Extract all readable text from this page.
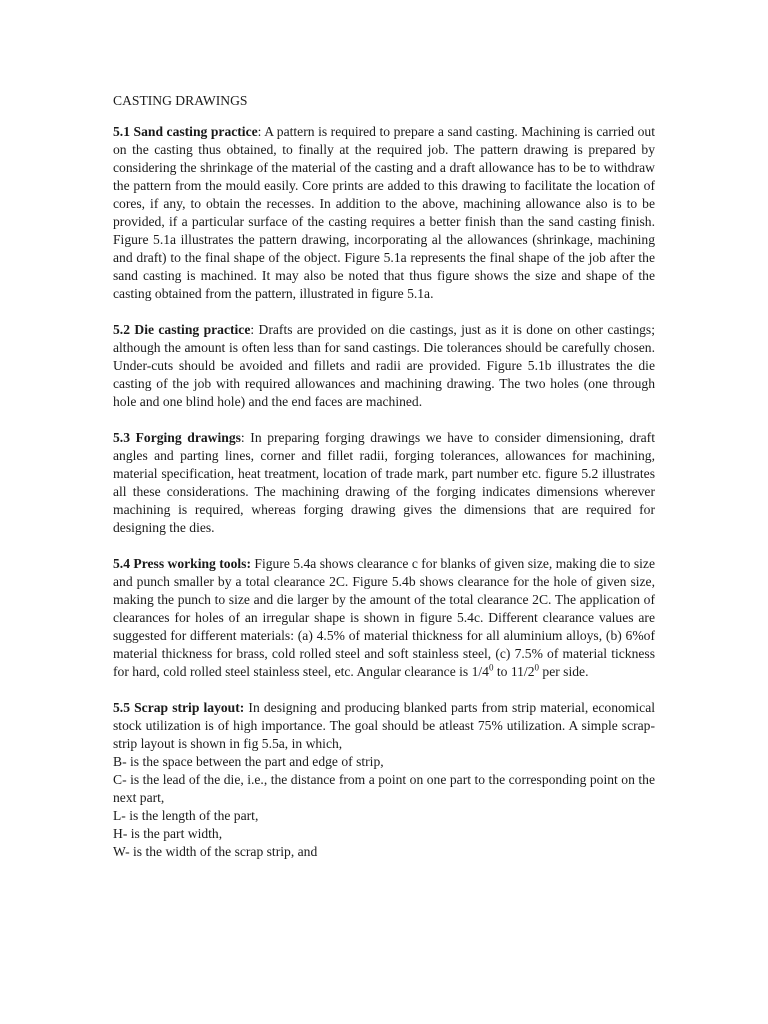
CASTING DRAWINGS

5.1 Sand casting practice: A pattern is required to prepare a sand casting. Machining is carried out on the casting thus obtained, to finally at the required job. The pattern drawing is prepared by considering the shrinkage of the material of the casting and a draft allowance has to be to withdraw the pattern from the mould easily. Core prints are added to this drawing to facilitate the location of cores, if any, to obtain the recesses. In addition to the above, machining allowance also is to be provided, if a particular surface of the casting requires a better finish than the sand casting finish. Figure 5.1a illustrates the pattern drawing, incorporating al the allowances (shrinkage, machining and draft) to the final shape of the object. Figure 5.1a represents the final shape of the job after the sand casting is machined. It may also be noted that thus figure shows the size and shape of the casting obtained from the pattern, illustrated in figure 5.1a.

5.2 Die casting practice: Drafts are provided on die castings, just as it is done on other castings; although the amount is often less than for sand castings. Die tolerances should be carefully chosen. Under-cuts should be avoided and fillets and radii are provided. Figure 5.1b illustrates the die casting of the job with required allowances and machining drawing. The two holes (one through hole and one blind hole) and the end faces are machined.

5.3 Forging drawings: In preparing forging drawings we have to consider dimensioning, draft angles and parting lines, corner and fillet radii, forging tolerances, allowances for machining, material specification, heat treatment, location of trade mark, part number etc. figure 5.2 illustrates all these considerations. The machining drawing of the forging indicates dimensions wherever machining is required, whereas forging drawing gives the dimensions that are required for designing the dies.

5.4 Press working tools: Figure 5.4a shows clearance c for blanks of given size, making die to size and punch smaller by a total clearance 2C. Figure 5.4b shows clearance for the hole of given size, making the punch to size and die larger by the amount of the total clearance 2C. The application of clearances for holes of an irregular shape is shown in figure 5.4c. Different clearance values are suggested for different materials: (a) 4.5% of material thickness for all aluminium alloys, (b) 6%of material thickness for brass, cold rolled steel and soft stainless steel, (c) 7.5% of material tickness for hard, cold rolled steel stainless steel, etc. Angular clearance is $1/4^0$ to $11/2^0$ per side.

5.5 Scrap strip layout: In designing and producing blanked parts from strip material, economical stock utilization is of high importance. The goal should be atleast 75% utilization. A simple scrap-strip layout is shown in fig 5.5a, in which,

B- is the space between the part and edge of strip,
C- is the lead of the die, i.e., the distance from a point on one part to the corresponding point on the next part,
L- is the length of the part,
H- is the part width,
W- is the width of the scrap strip, and
